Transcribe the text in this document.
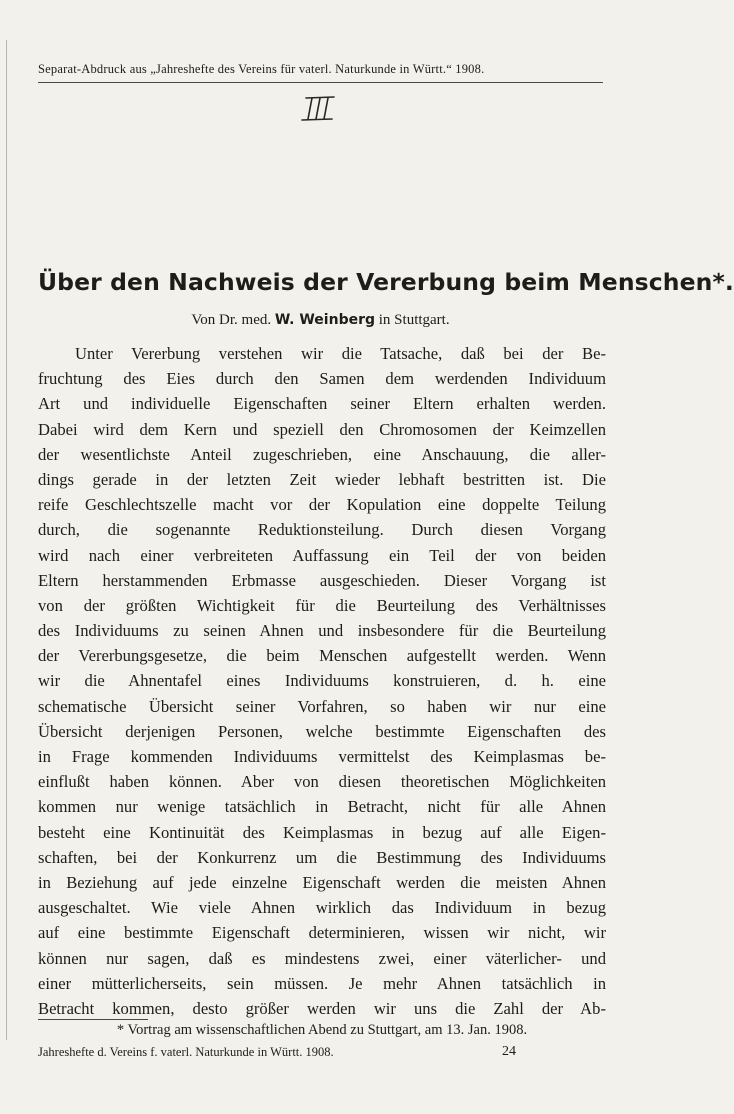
Separat-Abdruck aus „Jahreshefte des Vereins für vaterl. Naturkunde in Württ.“ 1908.
Über den Nachweis der Vererbung beim Menschen*.
Von Dr. med. W. Weinberg in Stuttgart.
Unter Vererbung verstehen wir die Tatsache, daß bei der Be-
fruchtung des Eies durch den Samen dem werdenden Individuum
Art und individuelle Eigenschaften seiner Eltern erhalten werden.
Dabei wird dem Kern und speziell den Chromosomen der Keimzellen
der wesentlichste Anteil zugeschrieben, eine Anschauung, die aller-
dings gerade in der letzten Zeit wieder lebhaft bestritten ist. Die
reife Geschlechtszelle macht vor der Kopulation eine doppelte Teilung
durch, die sogenannte Reduktionsteilung. Durch diesen Vorgang
wird nach einer verbreiteten Auffassung ein Teil der von beiden
Eltern herstammenden Erbmasse ausgeschieden. Dieser Vorgang ist
von der größten Wichtigkeit für die Beurteilung des Verhältnisses
des Individuums zu seinen Ahnen und insbesondere für die Beurteilung
der Vererbungsgesetze, die beim Menschen aufgestellt werden. Wenn
wir die Ahnentafel eines Individuums konstruieren, d. h. eine
schematische Übersicht seiner Vorfahren, so haben wir nur eine
Übersicht derjenigen Personen, welche bestimmte Eigenschaften des
in Frage kommenden Individuums vermittelst des Keimplasmas be-
einflußt haben können. Aber von diesen theoretischen Möglichkeiten
kommen nur wenige tatsächlich in Betracht, nicht für alle Ahnen
besteht eine Kontinuität des Keimplasmas in bezug auf alle Eigen-
schaften, bei der Konkurrenz um die Bestimmung des Individuums
in Beziehung auf jede einzelne Eigenschaft werden die meisten Ahnen
ausgeschaltet. Wie viele Ahnen wirklich das Individuum in bezug
auf eine bestimmte Eigenschaft determinieren, wissen wir nicht, wir
können nur sagen, daß es mindestens zwei, einer väterlicher- und
einer mütterlicherseits, sein müssen. Je mehr Ahnen tatsächlich in
Betracht kommen, desto größer werden wir uns die Zahl der Ab-
* Vortrag am wissenschaftlichen Abend zu Stuttgart, am 13. Jan. 1908.
Jahreshefte d. Vereins f. vaterl. Naturkunde in Württ. 1908.	24
